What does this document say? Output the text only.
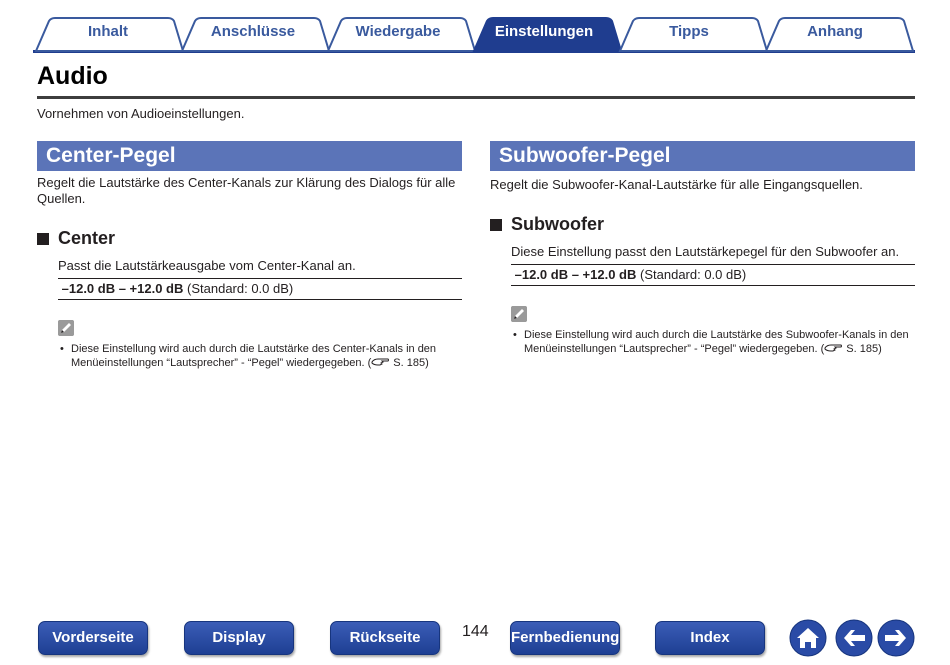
Inhalt	Anschlüsse	Wiedergabe	Einstellungen	Tipps	Anhang
Audio
Vornehmen von Audioeinstellungen.
Center-Pegel
Regelt die Lautstärke des Center-Kanals zur Klärung des Dialogs für alle Quellen.
Center
Passt die Lautstärkeausgabe vom Center-Kanal an.
–12.0 dB – +12.0 dB (Standard: 0.0 dB)
• Diese Einstellung wird auch durch die Lautstärke des Center-Kanals in den Menüeinstellungen “Lautsprecher” - “Pegel” wiedergegeben. ( S. 185)
Subwoofer-Pegel
Regelt die Subwoofer-Kanal-Lautstärke für alle Eingangsquellen.
Subwoofer
Diese Einstellung passt den Lautstärkepegel für den Subwoofer an.
–12.0 dB – +12.0 dB (Standard: 0.0 dB)
• Diese Einstellung wird auch durch die Lautstärke des Subwoofer-Kanals in den Menüeinstellungen “Lautsprecher” - “Pegel” wiedergegeben. ( S. 185)
Vorderseite	Display	Rückseite	144 Fernbedienung	Index
